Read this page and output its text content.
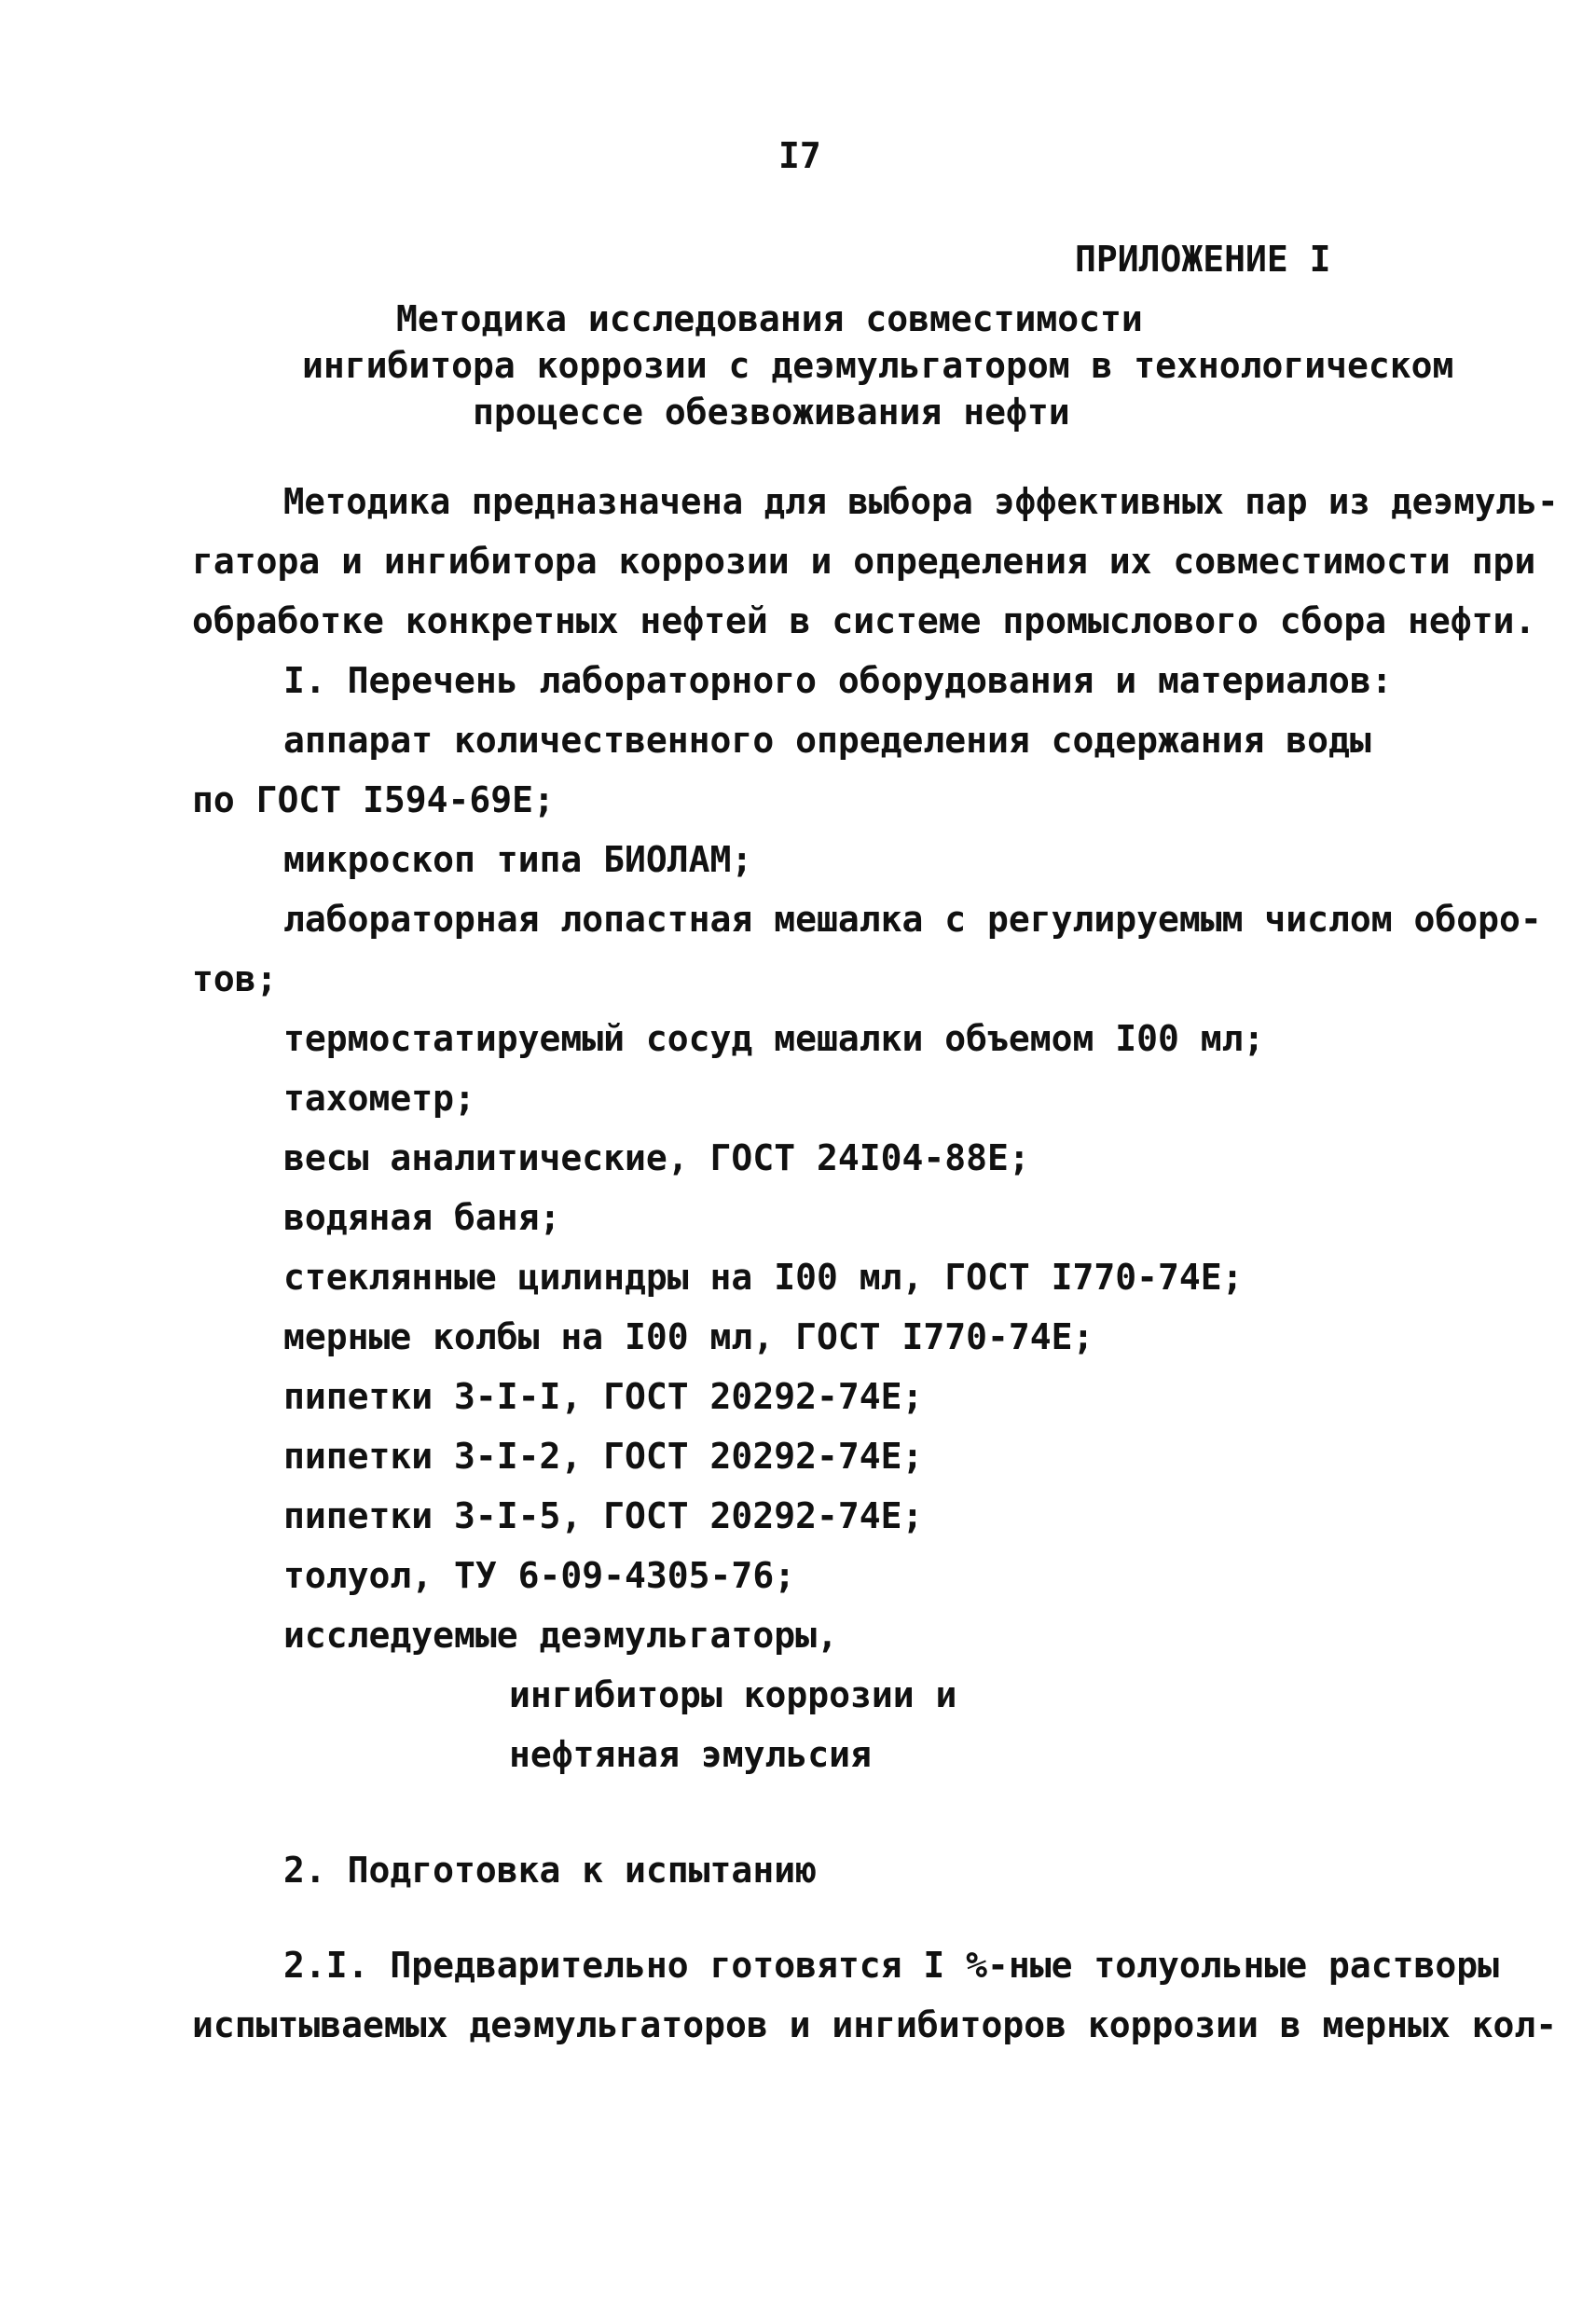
I7
ПРИЛОЖЕНИЕ I
Методика исследования совместимости
ингибитора коррозии с деэмульгатором в технологическом
процессе обезвоживания нефти
Методика предназначена для выбора эффективных пар из деэмуль-
гатора и ингибитора коррозии и определения их совместимости при
обработке конкретных нефтей в системе промыслового сбора нефти.
I. Перечень лабораторного оборудования и материалов:
аппарат количественного определения содержания воды
по ГОСТ I594-69Е;
микроскоп типа БИОЛАМ;
лабораторная лопастная мешалка с регулируемым числом оборо-
тов;
термостатируемый сосуд мешалки объемом I00 мл;
тахометр;
весы аналитические, ГОСТ 24I04-88Е;
водяная баня;
стеклянные цилиндры на I00 мл, ГОСТ I770-74Е;
мерные колбы на I00 мл, ГОСТ I770-74Е;
пипетки 3-I-I, ГОСТ 20292-74Е;
пипетки 3-I-2, ГОСТ 20292-74Е;
пипетки 3-I-5, ГОСТ 20292-74Е;
толуол, ТУ 6-09-4305-76;
исследуемые деэмульгаторы,
ингибиторы коррозии и
нефтяная эмульсия
2. Подготовка к испытанию
2.I. Предварительно готовятся I %-ные толуольные растворы
испытываемых деэмульгаторов и ингибиторов коррозии в мерных кол-
